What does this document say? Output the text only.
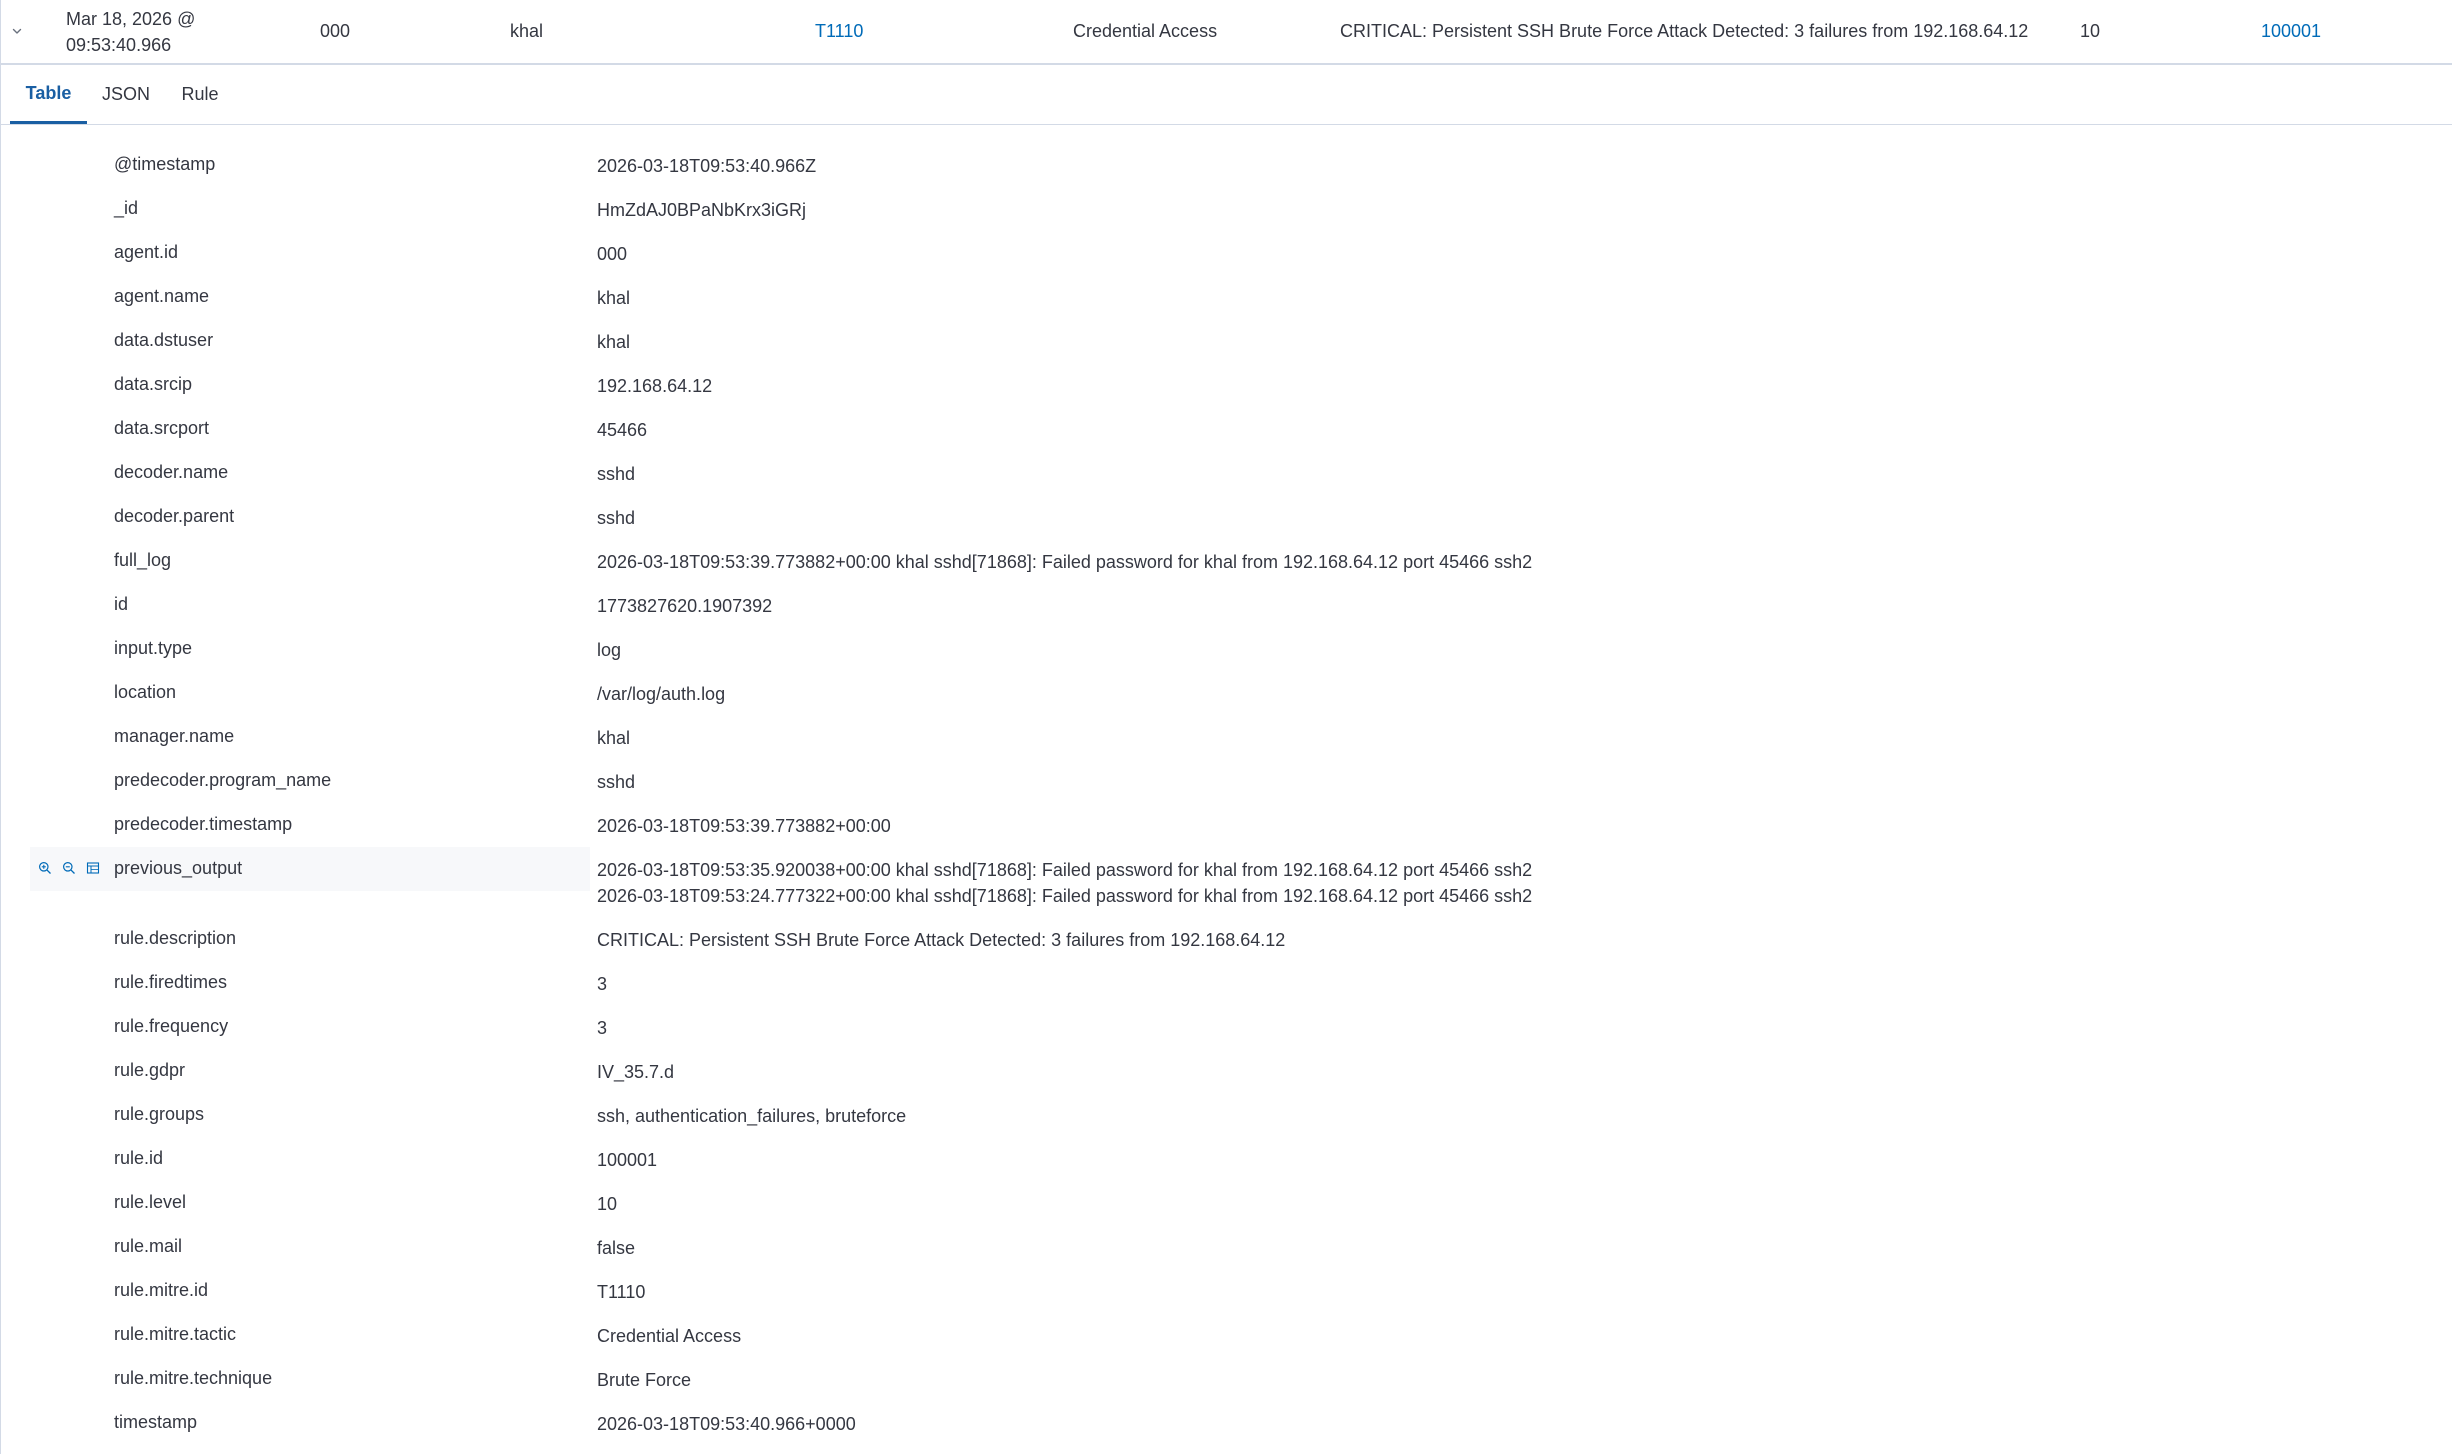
Mar 18, 2026 @
09:53:40.966
000	khal	T1110	Credential Access	CRITICAL: Persistent SSH Brute Force Attack Detected: 3 failures from 192.168.64.12	10	100001
Table	JSON	Rule
@timestamp	2026-03-18T09:53:40.966Z
_id	HmZdAJ0BPaNbKrx3iGRj
agent.id	000
agent.name	khal
data.dstuser	khal
data.srcip	192.168.64.12
data.srcport	45466
decoder.name	sshd
decoder.parent	sshd
full_log	2026-03-18T09:53:39.773882+00:00 khal sshd[71868]: Failed password for khal from 192.168.64.12 port 45466 ssh2
id	1773827620.1907392
input.type	log
location	/var/log/auth.log
manager.name	khal
predecoder.program_name	sshd
predecoder.timestamp	2026-03-18T09:53:39.773882+00:00
previous_output	2026-03-18T09:53:35.920038+00:00 khal sshd[71868]: Failed password for khal from 192.168.64.12 port 45466 ssh2
2026-03-18T09:53:24.777322+00:00 khal sshd[71868]: Failed password for khal from 192.168.64.12 port 45466 ssh2
rule.description	CRITICAL: Persistent SSH Brute Force Attack Detected: 3 failures from 192.168.64.12
rule.firedtimes	3
rule.frequency	3
rule.gdpr	IV_35.7.d
rule.groups	ssh, authentication_failures, bruteforce
rule.id	100001
rule.level	10
rule.mail	false
rule.mitre.id	T1110
rule.mitre.tactic	Credential Access
rule.mitre.technique	Brute Force
timestamp	2026-03-18T09:53:40.966+0000
